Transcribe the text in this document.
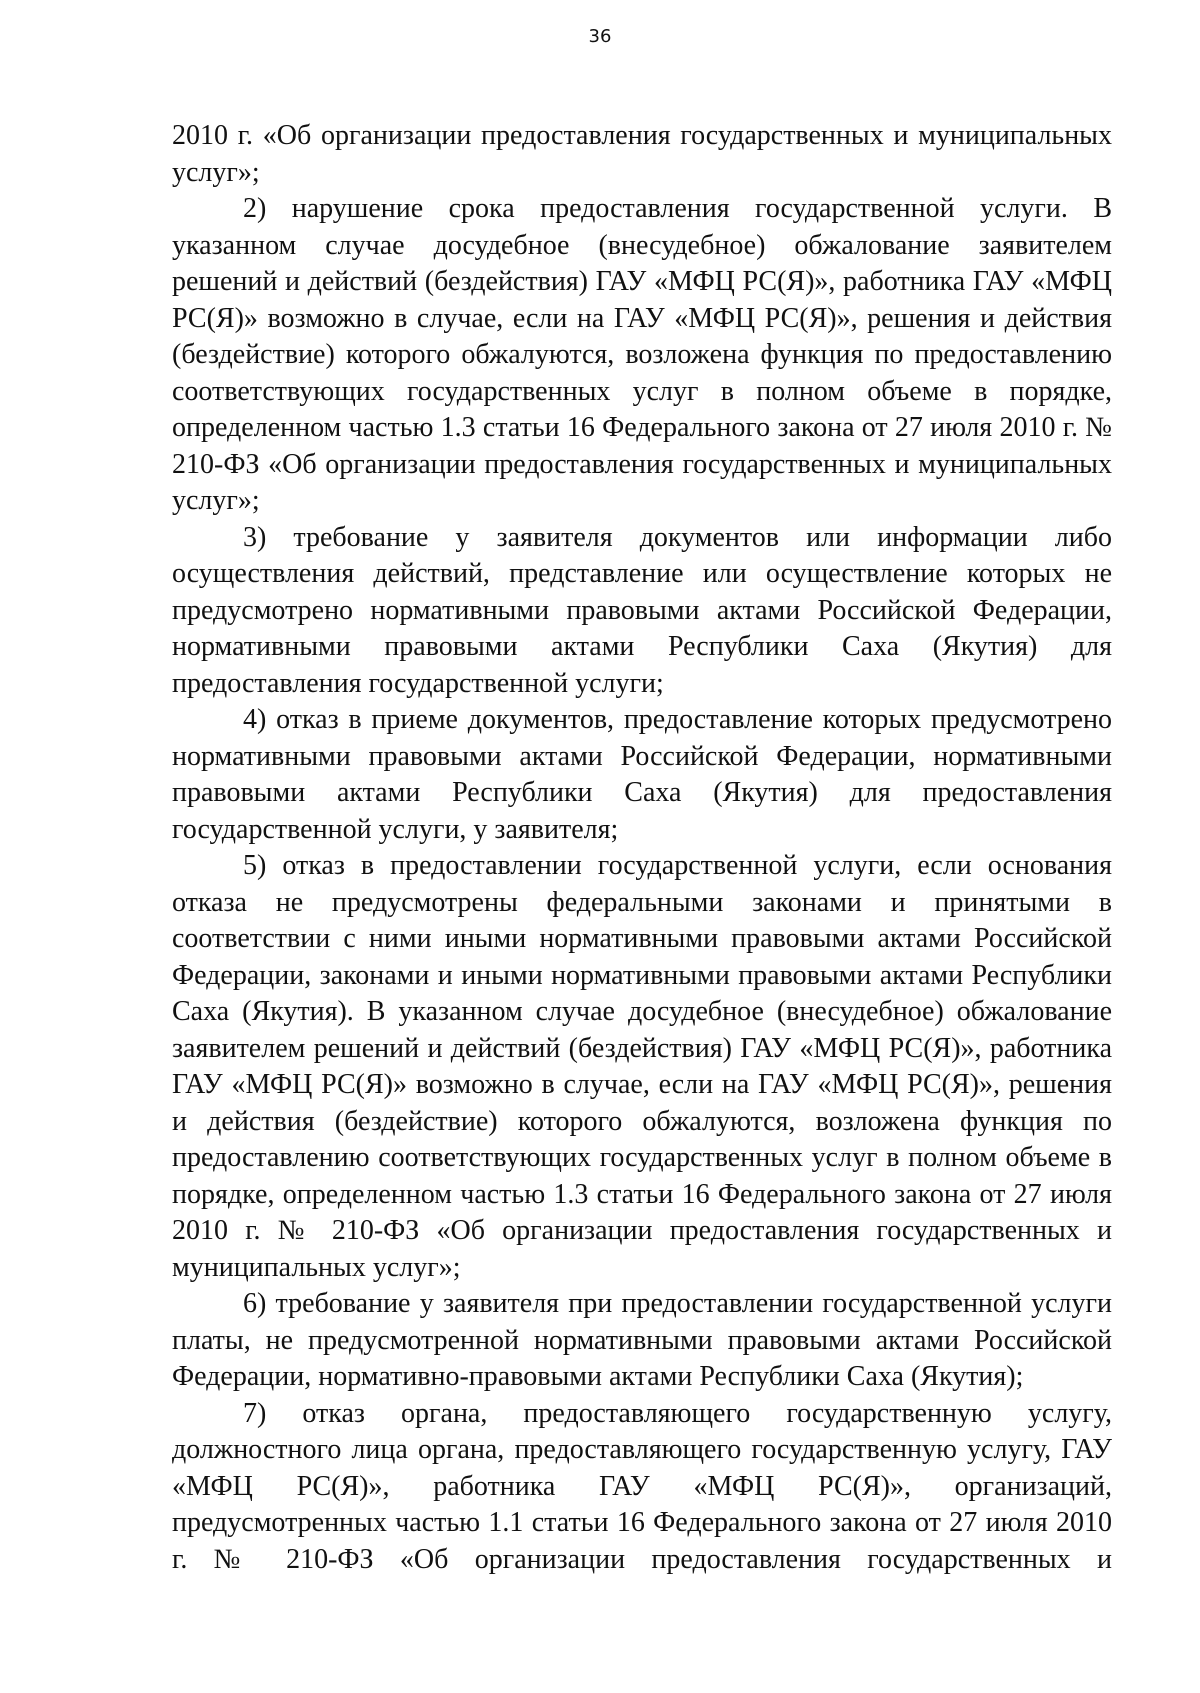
36

2010 г. «Об организации предоставления государственных и муниципальных услуг»;

2) нарушение срока предоставления государственной услуги. В указанном случае досудебное (внесудебное) обжалование заявителем решений и действий (бездействия) ГАУ «МФЦ РС(Я)», работника ГАУ «МФЦ РС(Я)» возможно в случае, если на ГАУ «МФЦ РС(Я)», решения и действия (бездействие) которого обжалуются, возложена функция по предоставлению соответствующих государственных услуг в полном объеме в порядке, определенном частью 1.3 статьи 16 Федерального закона от 27 июля 2010 г. № 210-ФЗ «Об организации предоставления государственных и муниципальных услуг»;

3) требование у заявителя документов или информации либо осуществления действий, представление или осуществление которых не предусмотрено нормативными правовыми актами Российской Федерации, нормативными правовыми актами Республики Саха (Якутия) для предоставления государственной услуги;

4) отказ в приеме документов, предоставление которых предусмотрено нормативными правовыми актами Российской Федерации, нормативными правовыми актами Республики Саха (Якутия) для предоставления государственной услуги, у заявителя;

5) отказ в предоставлении государственной услуги, если основания отказа не предусмотрены федеральными законами и принятыми в соответствии с ними иными нормативными правовыми актами Российской Федерации, законами и иными нормативными правовыми актами Республики Саха (Якутия). В указанном случае досудебное (внесудебное) обжалование заявителем решений и действий (бездействия) ГАУ «МФЦ РС(Я)», работника ГАУ «МФЦ РС(Я)» возможно в случае, если на ГАУ «МФЦ РС(Я)», решения и действия (бездействие) которого обжалуются, возложена функция по предоставлению соответствующих государственных услуг в полном объеме в порядке, определенном частью 1.3 статьи 16 Федерального закона от 27 июля 2010 г. № 210-ФЗ «Об организации предоставления государственных и муниципальных услуг»;

6) требование у заявителя при предоставлении государственной услуги платы, не предусмотренной нормативными правовыми актами Российской Федерации, нормативно-правовыми актами Республики Саха (Якутия);

7) отказ органа, предоставляющего государственную услугу, должностного лица органа, предоставляющего государственную услугу, ГАУ «МФЦ РС(Я)», работника ГАУ «МФЦ РС(Я)», организаций, предусмотренных частью 1.1 статьи 16 Федерального закона от 27 июля 2010 г. № 210-ФЗ «Об организации предоставления государственных и
